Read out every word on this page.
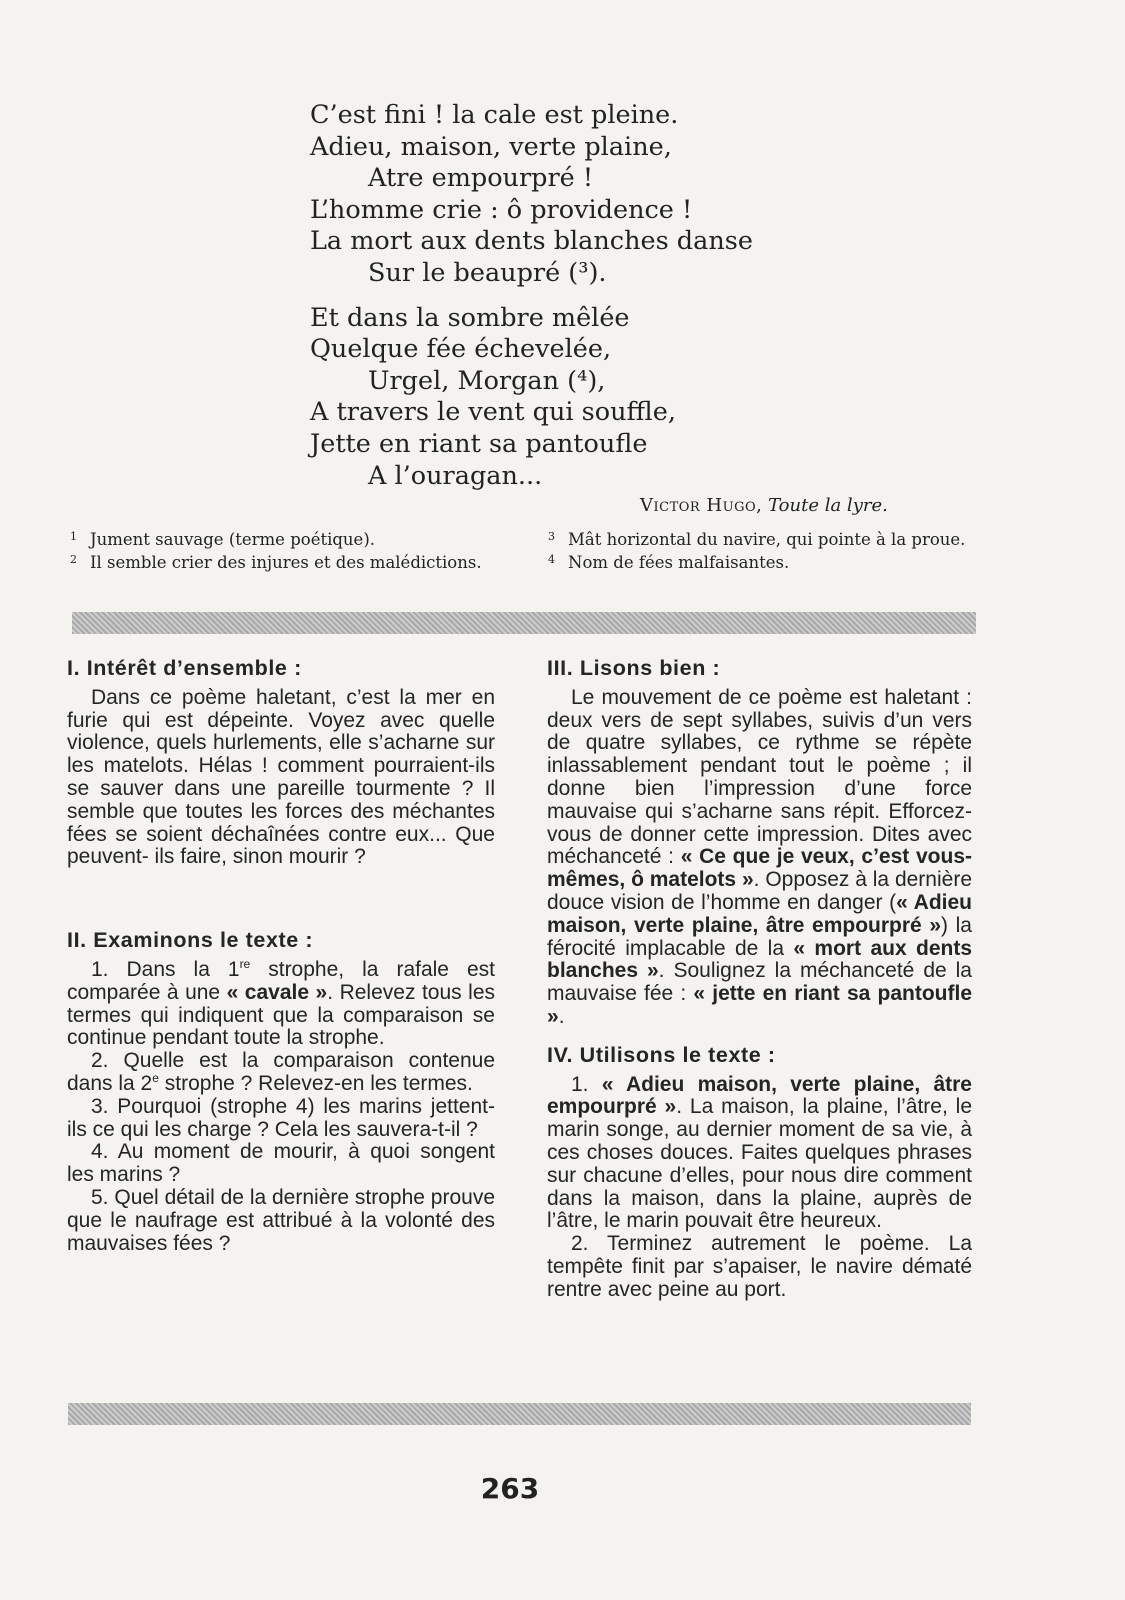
C’est fini ! la cale est pleine.
Adieu, maison, verte plaine,
Atre empourpré !
L’homme crie : ô providence !
La mort aux dents blanches danse
Sur le beaupré (³).
Et dans la sombre mêlée
Quelque fée échevelée,
Urgel, Morgan (⁴),
A travers le vent qui souffle,
Jette en riant sa pantoufle
A l’ouragan...
Victor Hugo, Toute la lyre.
1 Jument sauvage (terme poétique).
2 Il semble crier des injures et des malédictions.
3 Mât horizontal du navire, qui pointe à la proue.
4 Nom de fées malfaisantes.
I. Intérêt d’ensemble :

Dans ce poème haletant, c’est la mer en furie qui est dépeinte. Voyez avec quelle violence, quels hurlements, elle s’acharne sur les matelots. Hélas ! comment pourraient-ils se sauver dans une pareille tourmente ? Il semble que toutes les forces des méchantes fées se soient déchaînées contre eux... Que peuvent- ils faire, sinon mourir ?

II. Examinons le texte :

1. Dans la 1re strophe, la rafale est comparée à une « cavale ». Relevez tous les termes qui indiquent que la comparaison se continue pendant toute la strophe.

2. Quelle est la comparaison contenue dans la 2e strophe ? Relevez-en les termes.

3. Pourquoi (strophe 4) les marins jettent-ils ce qui les charge ? Cela les sauvera-t-il ?

4. Au moment de mourir, à quoi songent les marins ?

5. Quel détail de la dernière strophe prouve que le naufrage est attribué à la volonté des mauvaises fées ?

III. Lisons bien :

Le mouvement de ce poème est haletant : deux vers de sept syllabes, suivis d’un vers de quatre syllabes, ce rythme se répète inlassablement pendant tout le poème ; il donne bien l’impression d’une force mauvaise qui s’acharne sans répit. Efforcez-vous de donner cette impression. Dites avec méchanceté : « Ce que je veux, c’est vous-mêmes, ô matelots ». Opposez à la dernière douce vision de l’homme en danger (« Adieu maison, verte plaine, âtre empourpré ») la férocité implacable de la « mort aux dents blanches ». Soulignez la méchanceté de la mauvaise fée : « jette en riant sa pantoufle ».

IV. Utilisons le texte :

1. « Adieu maison, verte plaine, âtre empourpré ». La maison, la plaine, l’âtre, le marin songe, au dernier moment de sa vie, à ces choses douces. Faites quelques phrases sur chacune d’elles, pour nous dire comment dans la maison, dans la plaine, auprès de l’âtre, le marin pouvait être heureux.

2. Terminez autrement le poème. La tempête finit par s’apaiser, le navire dématé rentre avec peine au port.

263
